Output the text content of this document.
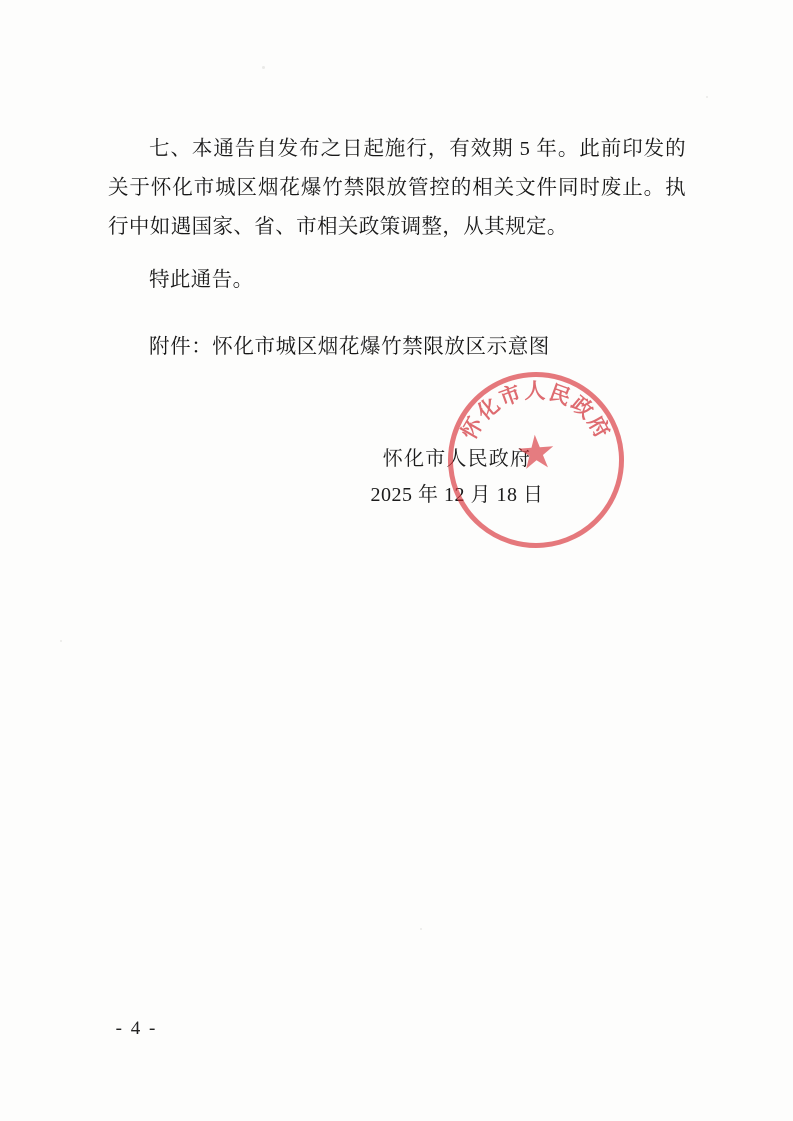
七、本通告自发布之日起施行，有效期 5 年。此前印发的关于怀化市城区烟花爆竹禁限放管控的相关文件同时废止。执行中如遇国家、省、市相关政策调整，从其规定。

特此通告。

附件：怀化市城区烟花爆竹禁限放区示意图

怀化市人民政府
2025 年 12 月 18 日
怀化市人民政府
★
- 4 -
